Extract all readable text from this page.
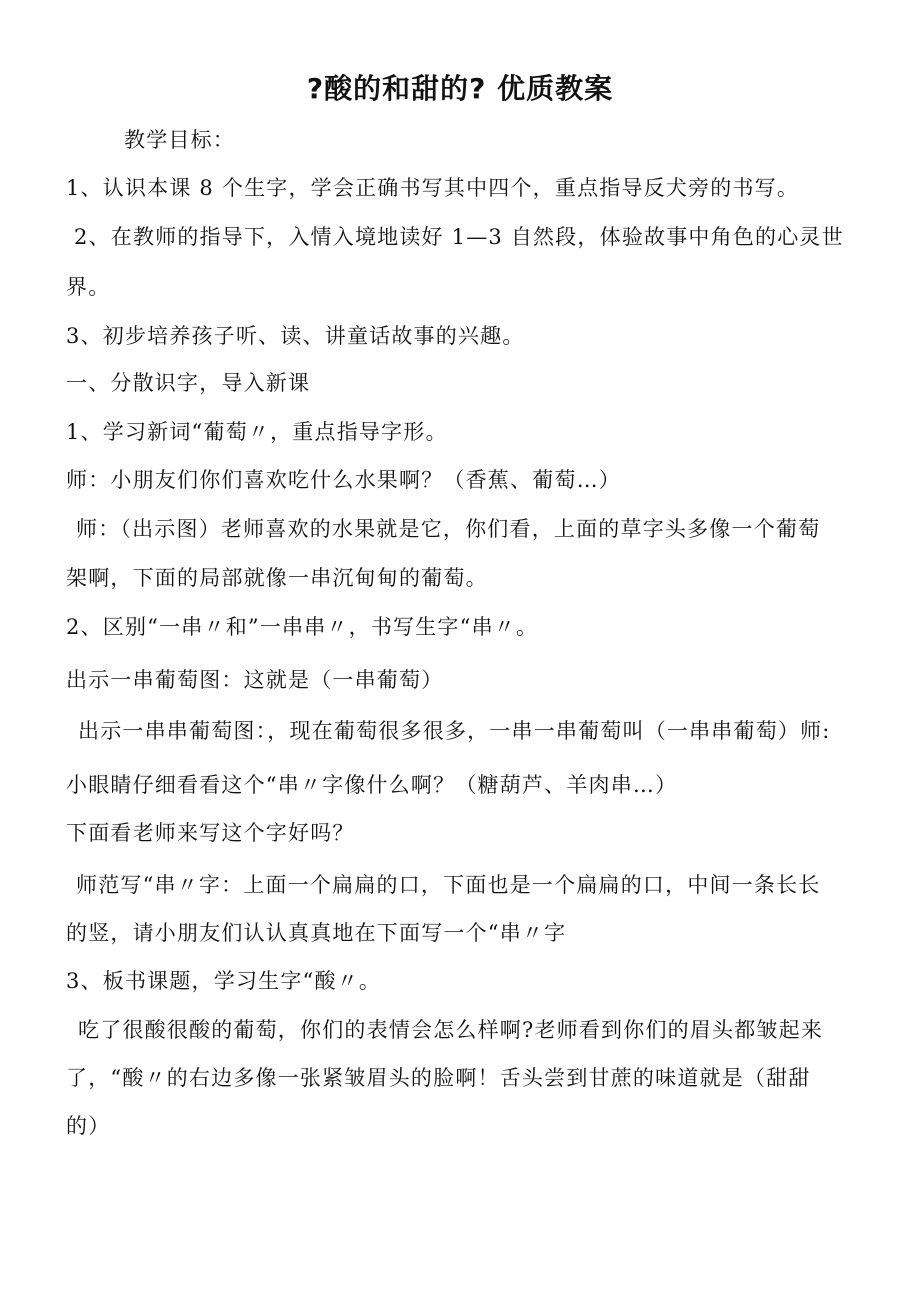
?酸的和甜的? 优质教案
教学目标：
1、认识本课 8 个生字，学会正确书写其中四个，重点指导反犬旁的书写。
2、在教师的指导下，入情入境地读好 1—3 自然段，体验故事中角色的心灵世
界。
3、初步培养孩子听、读、讲童话故事的兴趣。
一、分散识字，导入新课
1、学习新词“葡萄〃，重点指导字形。
师：小朋友们你们喜欢吃什么水果啊？（香蕉、葡萄…）
师：（出示图）老师喜欢的水果就是它，你们看，上面的草字头多像一个葡萄
架啊，下面的局部就像一串沉甸甸的葡萄。
2、区别“一串〃和”一串串〃，书写生字“串〃。
出示一串葡萄图：这就是（一串葡萄）
出示一串串葡萄图：，现在葡萄很多很多，一串一串葡萄叫（一串串葡萄）师:
小眼睛仔细看看这个“串〃字像什么啊？（糖葫芦、羊肉串…）
下面看老师来写这个字好吗？
师范写“串〃字：上面一个扁扁的口，下面也是一个扁扁的口，中间一条长长
的竖，请小朋友们认认真真地在下面写一个“串〃字
3、板书课题，学习生字“酸〃。
吃了很酸很酸的葡萄，你们的表情会怎么样啊?老师看到你们的眉头都皱起来
了，“酸〃的右边多像一张紧皱眉头的脸啊！舌头尝到甘蔗的味道就是（甜甜
的）
